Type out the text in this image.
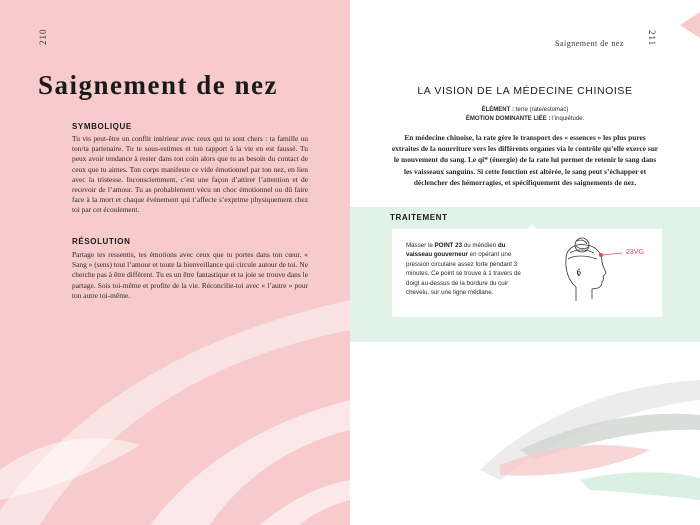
210
Saignement de nez
SYMBOLIQUE

Tu vis peut-être un conflit intérieur avec ceux qui te sont chers : ta famille ou ton/ta partenaire. Tu te sous-estimes et ton rapport à la vie en est faussé. Tu peux avoir tendance à rester dans ton coin alors que tu as besoin du contact de ceux que tu aimes. Ton corps manifeste ce vide émotionnel par ton nez, en lien avec la tristesse. Inconsciemment, c’est une façon d’attirer l’attention et de recevoir de l’amour. Tu as probablement vécu un choc émotionnel ou dû faire face à la mort et chaque événement qui t’affecte s’exprime physiquement chez toi par cet écoulement.

RÉSOLUTION

Partage tes ressentis, tes émotions avec ceux que tu portes dans ton cœur. « Sang » (sens) tout l’amour et toute la bienveillance qui circule autour de toi. Ne cherche pas à être différent. Tu es un être fantastique et ta joie se trouve dans le partage. Sois toi-même et profite de la vie. Réconcilie-toi avec « l’autre » pour ton autre toi-même.

Saignement de nez	211
LA VISION DE LA MÉDECINE CHINOISE
ÉLÉMENT : terre (rate/estomac)
ÉMOTION DOMINANTE LIÉE : l’inquiétude.

En médecine chinoise, la rate gère le transport des « essences » les plus pures extraites de la nourriture vers les différents organes via le contrôle qu’elle exerce sur le mouvement du sang. Le qi* (énergie) de la rate lui permet de retenir le sang dans les vaisseaux sanguins. Si cette fonction est altérée, le sang peut s’échapper et déclencher des hémorragies, et spécifiquement des saignements de nez.

TRAITEMENT

Masser le POINT 23 du méridien du vaisseau gouverneur en opérant une pression circulaire assez forte pendant 3 minutes. Ce point se trouve à 1 travers de doigt au-dessus de la bordure du cuir chevelu, sur une ligne médiane.

23VG
